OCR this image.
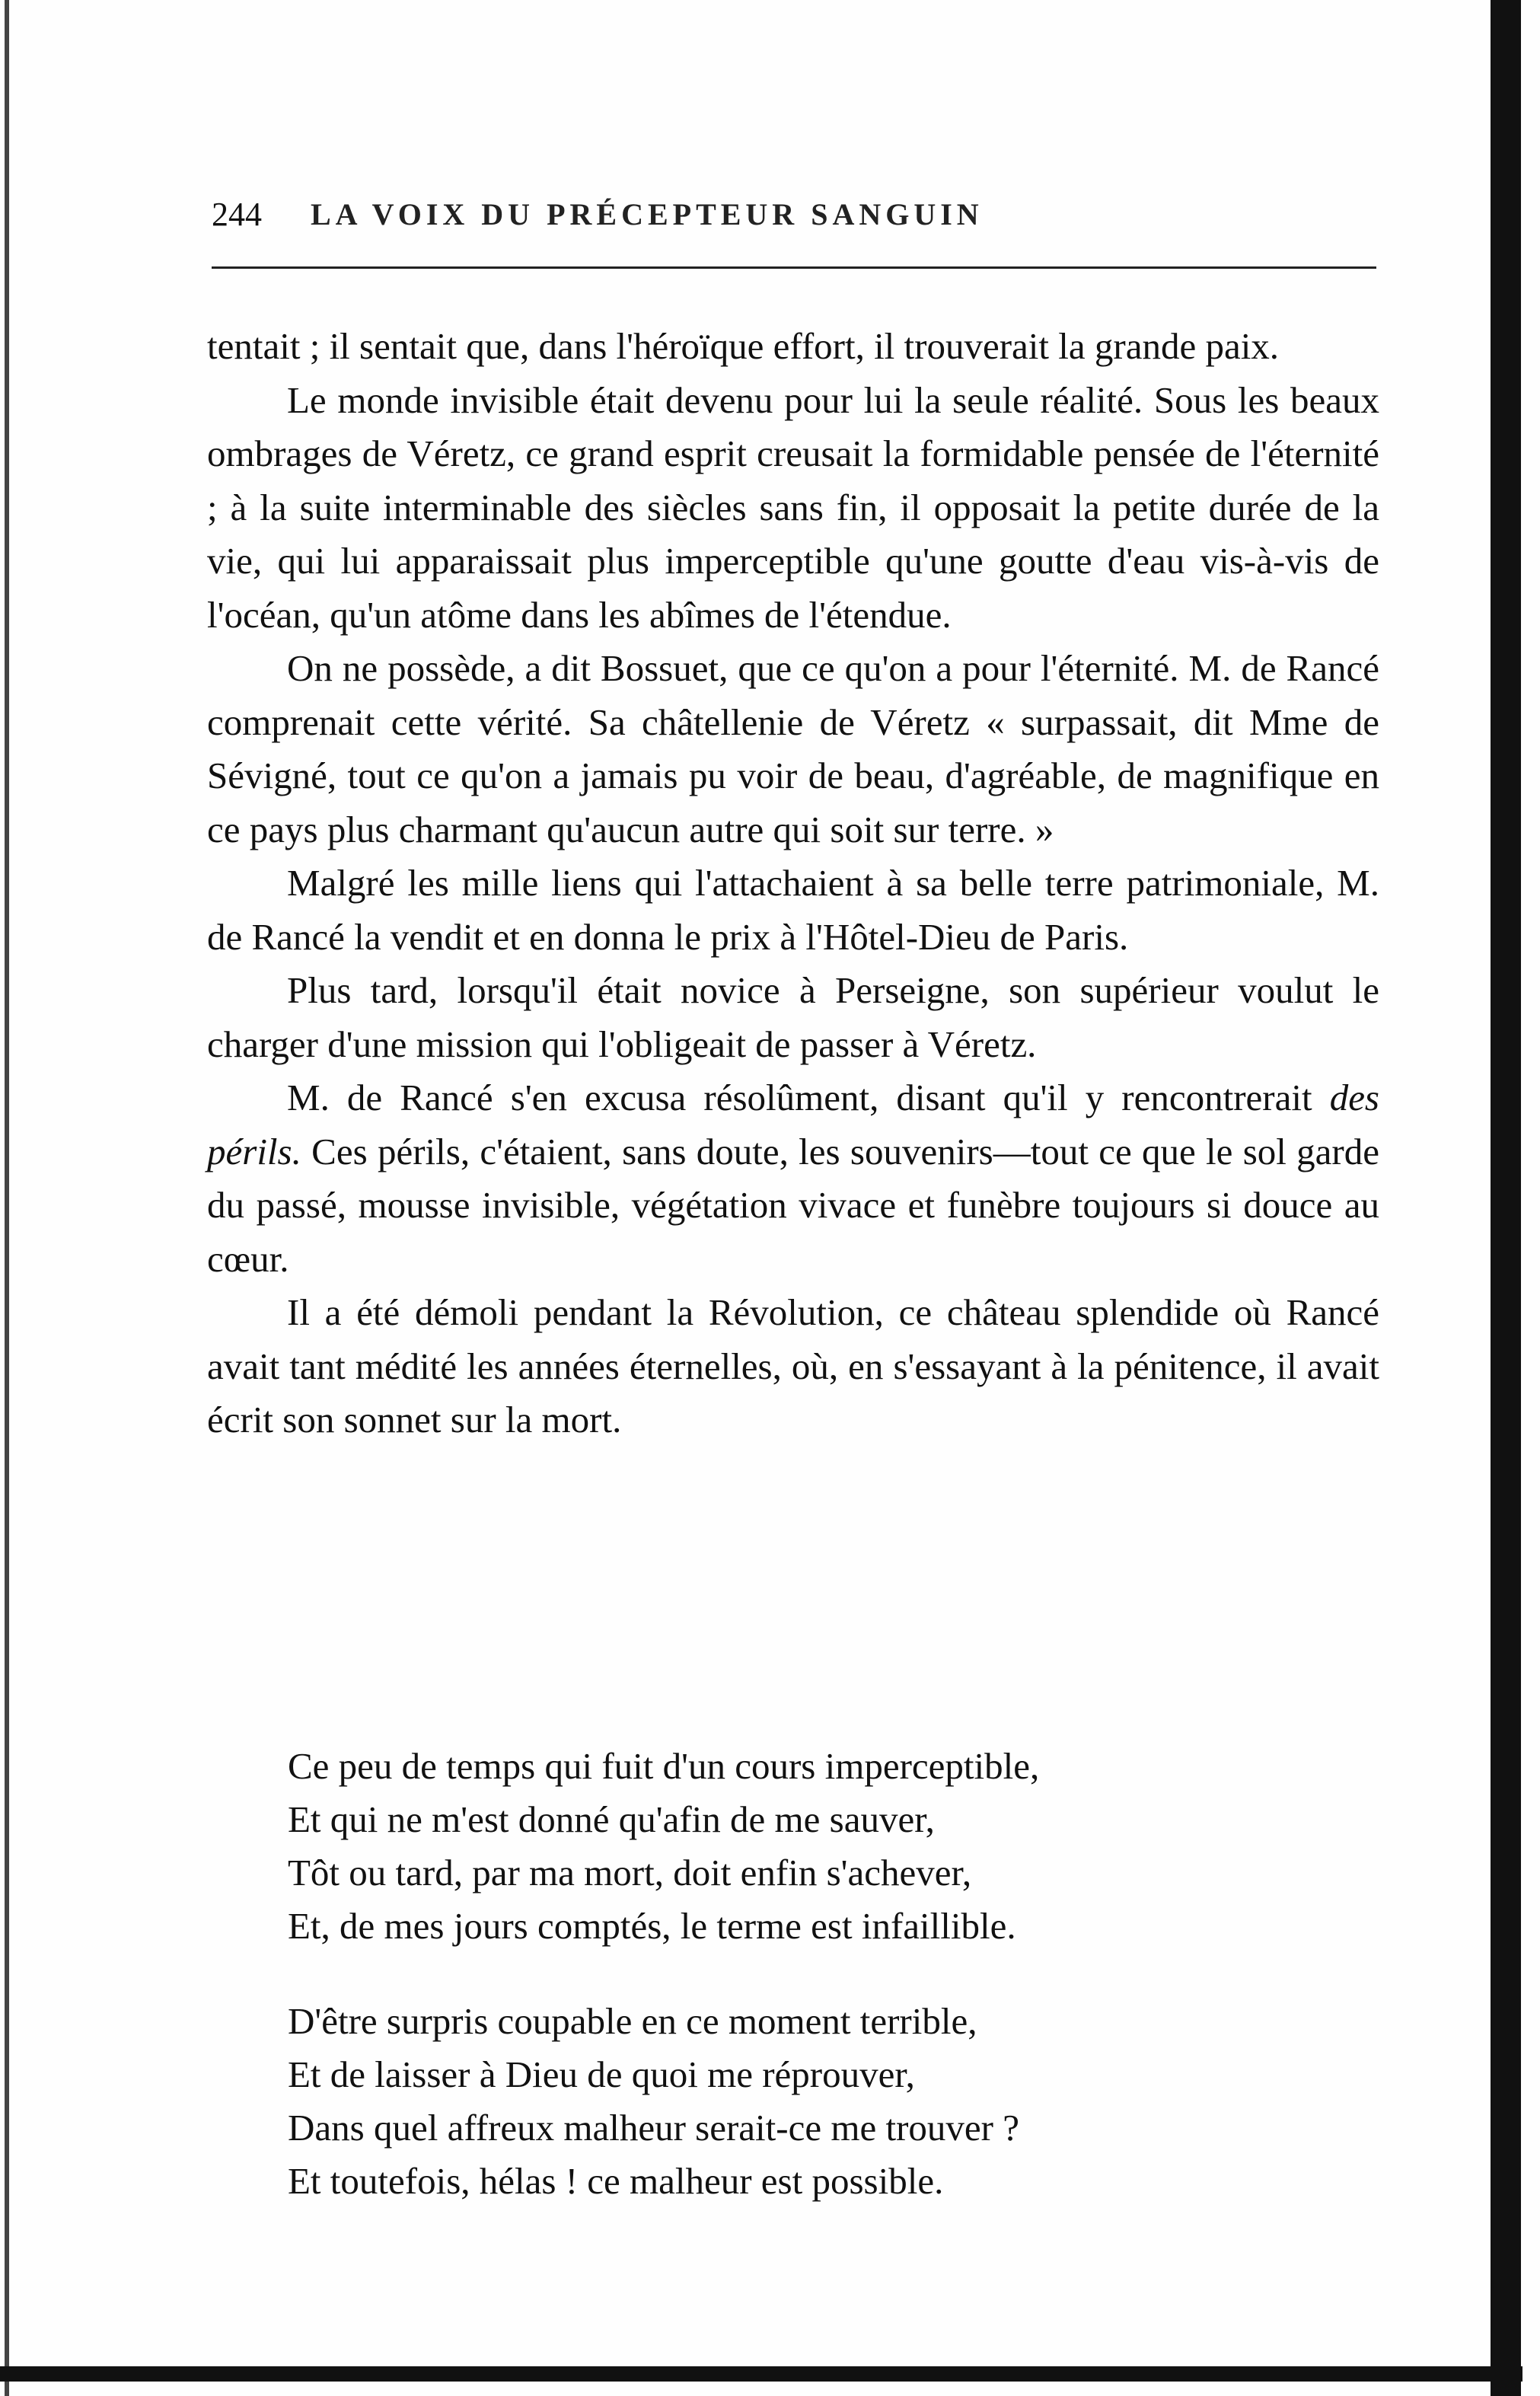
244 LA VOIX DU PRÉCEPTEUR SANGUIN

tentait ; il sentait que, dans l'héroïque effort, il trouverait la grande paix.

Le monde invisible était devenu pour lui la seule réalité. Sous les beaux ombrages de Véretz, ce grand esprit creusait la formidable pensée de l'éternité ; à la suite interminable des siècles sans fin, il opposait la petite durée de la vie, qui lui apparaissait plus imperceptible qu'une goutte d'eau vis-à-vis de l'océan, qu'un atôme dans les abîmes de l'étendue.

On ne possède, a dit Bossuet, que ce qu'on a pour l'éternité. M. de Rancé comprenait cette vérité. Sa châtellenie de Véretz « surpassait, dit Mme de Sévigné, tout ce qu'on a jamais pu voir de beau, d'agréable, de magnifique en ce pays plus charmant qu'aucun autre qui soit sur terre. »

Malgré les mille liens qui l'attachaient à sa belle terre patrimoniale, M. de Rancé la vendit et en donna le prix à l'Hôtel-Dieu de Paris.

Plus tard, lorsqu'il était novice à Perseigne, son supérieur voulut le charger d'une mission qui l'obligeait de passer à Véretz.

M. de Rancé s'en excusa résolûment, disant qu'il y rencontrerait des périls. Ces périls, c'étaient, sans doute, les souvenirs—tout ce que le sol garde du passé, mousse invisible, végétation vivace et funèbre toujours si douce au cœur.

Il a été démoli pendant la Révolution, ce château splendide où Rancé avait tant médité les années éternelles, où, en s'essayant à la pénitence, il avait écrit son sonnet sur la mort.

Ce peu de temps qui fuit d'un cours imperceptible,
Et qui ne m'est donné qu'afin de me sauver,
Tôt ou tard, par ma mort, doit enfin s'achever,
Et, de mes jours comptés, le terme est infaillible.
D'être surpris coupable en ce moment terrible,
Et de laisser à Dieu de quoi me réprouver,
Dans quel affreux malheur serait-ce me trouver ?
Et toutefois, hélas ! ce malheur est possible.
